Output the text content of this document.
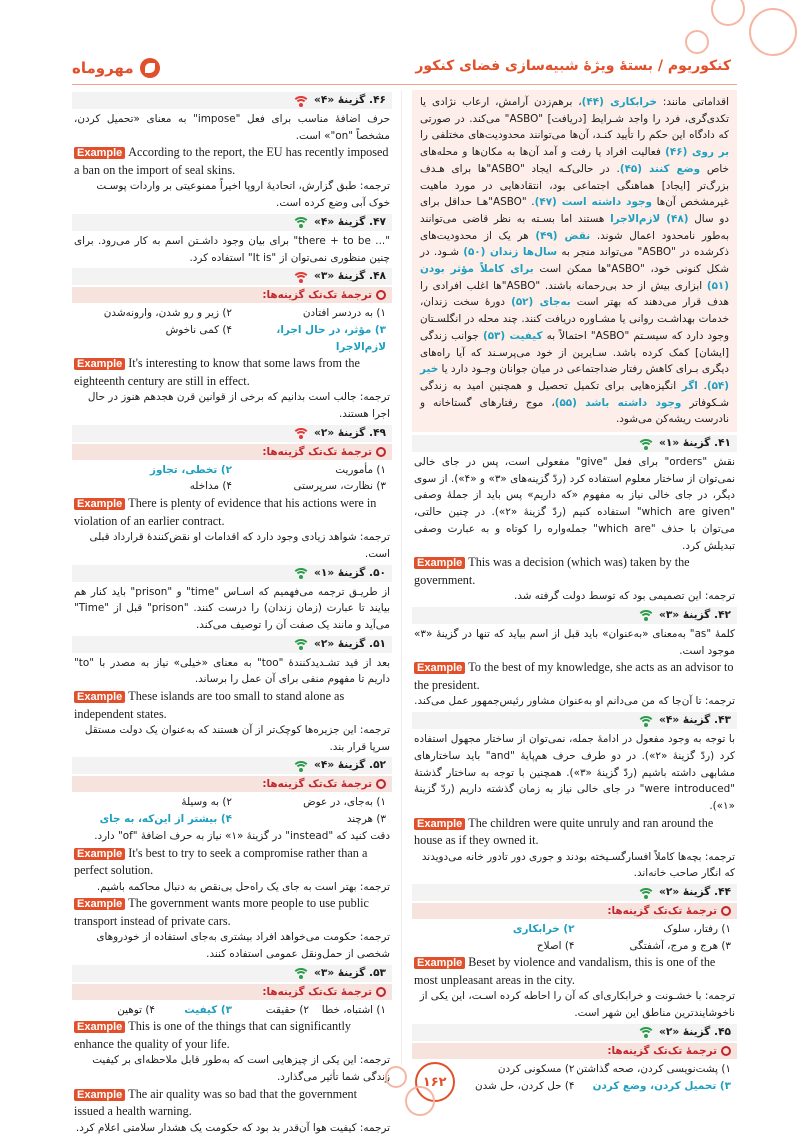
مهروماه	کنکوریوم / بستهٔ ویژهٔ شبیه‌سازی فضای کنکور
اقداماتی مانند: خرابکاری (۴۴)، برهم‌زدن آرامش، ارعاب نژادی یا تکدی‌گری، فرد را واجد شـرایط [دریافت] "ASBO" می‌کند. در صورتی که دادگاه این حکم را تأیید کنـد، آن‌ها می‌توانند محدودیت‌های مختلفی را بر روی (۴۶) فعالیت افراد یا رفت و آمد آن‌ها به مکان‌ها و محله‌های خاص وضع کنند (۴۵). در حالی‌کـه ایجاد "ASBO"ها برای هـدف بزرگ‌تر [ایجاد] هماهنگی اجتماعی بود، انتقادهایی در مورد ماهیت غیرمشخص آن‌ها وجود داشته است (۴۷). "ASBO"هـا حداقل برای دو سال (۴۸) لازم‌الاجرا هستند اما بسـته به نظر قاضی می‌توانند به‌طور نامحدود اعمال شوند. نقض (۴۹) هر یک از محدودیت‌های ذکرشده در "ASBO" می‌تواند منجر به سال‌ها زندان (۵۰) شـود. در شکل کنونی خود، "ASBO"ها ممکن است برای کاملاً مؤثر بودن (۵۱) ابزاری بیش از حد بی‌رحمانه باشند. "ASBO"ها اغلب افرادی را هدف قرار می‌دهند که بهتر است به‌جای (۵۲) دورهٔ سخت زندان، خدمات بهداشـت روانی یا مشـاوره دریافت کنند. چند محله در انگلسـتان وجود دارد که سیسـتم "ASBO" احتمالاً به کیفیت (۵۳) جوانب زندگی [ایشان] کمک کرده باشد. سـایرین از خود می‌پرسـند که آیا راه‌های دیگری بـرای کاهش رفتار ضداجتماعی در میان جوانان وجـود دارد یا خیر (۵۴). اگر انگیزه‌هایی برای تکمیل تحصیل و همچنین امید به زندگی شـکوفاتر وجود داشته باشد (۵۵)، موج رفتارهای گستاخانه و نادرست ریشه‌کن می‌شود.
۴۱. گزینهٔ «۱»
نقش "orders" برای فعل "give" مفعولی است، پس در جای خالی نمی‌توان از ساختار معلوم استفاده کرد (ردّ گزینه‌های «۳» و «۴»). از سوی دیگر، در جای خالی نیاز به مفهوم «که داریم» پس باید از جملهٔ وصفی "which are given" استفاده کنیم (ردّ گزینهٔ «۲»). در چنین حالتی، می‌توان با حذف "which are" جمله‌واره را کوتاه و به عبارت وصفی تبدیلش کرد.
Example This was a decision (which was) taken by the government.
ترجمه: این تصمیمی بود که توسط دولت گرفته شد.
۴۲. گزینهٔ «۳»
کلمهٔ "as" به‌معنای «به‌عنوان» باید قبل از اسم بیاید که تنها در گزینهٔ «۳» موجود است.
Example To the best of my knowledge, she acts as an advisor to the president.
ترجمه: تا آن‌جا که من می‌دانم او به‌عنوان مشاور رئیس‌جمهور عمل می‌کند.
۴۳. گزینهٔ «۴»
با توجه به وجود مفعول در ادامهٔ جمله، نمی‌توان از ساختار مجهول استفاده کرد (ردّ گزینهٔ «۲»). در دو طرف حرف هم‌پایهٔ "and" باید ساختارهای مشابهی داشته باشیم (ردّ گزینهٔ «۳»). همچنین با توجه به ساختار گذشتهٔ "were introduced" در جای خالی نیاز به زمان گذشته داریم (ردّ گزینهٔ «۱»).
Example The children were quite unruly and ran around the house as if they owned it.
ترجمه: بچه‌ها کاملاً افسارگسـیخته بودند و جوری دور تادور خانه می‌دویدند که انگار صاحب خانه‌اند.
۴۴. گزینهٔ «۲»
ترجمهٔ تک‌تک گزینه‌ها:
۱) رفتار، سلوک
۲) خرابکاری
۳) هرج و مرج، آشفتگی
۴) اصلاح
Example Beset by violence and vandalism, this is one of the most unpleasant areas in the city.
ترجمه: با خشـونت و خرابکاری‌ای که آن را احاطه کرده اسـت، این یکی از ناخوشایندترین مناطق این شهر است.
۴۵. گزینهٔ «۲»
ترجمهٔ تک‌تک گزینه‌ها:
۱) پشت‌نویسی کردن، صحه گذاشتن
۲) مسکونی کردن
۳) تحمیل کردن، وضع کردن
۴) حل کردن، حل شدن
۴۶. گزینهٔ «۴»
حرف اضافهٔ مناسب برای فعل "impose" به معنای «تحمیل کردن، مشخصاً "on"» است.
Example According to the report, the EU has recently imposed a ban on the import of seal skins.
ترجمه: طبق گزارش، اتحادیهٔ اروپا اخیراً ممنوعیتی بر واردات پوسـت خوک آبی وضع کرده است.
۴۷. گزینهٔ «۴»
"... there + to be" برای بیان وجود داشـتن اسم به کار می‌رود. برای چنین منظوری نمی‌توان از "It is" استفاده کرد.
۴۸. گزینهٔ «۳»
ترجمهٔ تک‌تک گزینه‌ها:
۱) به دردسر افتادن
۲) زیر و رو شدن، وارونه‌شدن
۳) مؤثر، در حال اجرا، لازم‌الاجرا
۴) کمی ناخوش
Example It's interesting to know that some laws from the eighteenth century are still in effect.
ترجمه: جالب است بدانیم که برخی از قوانین قرن هجدهم هنوز در حال اجرا هستند.
۴۹. گزینهٔ «۲»
ترجمهٔ تک‌تک گزینه‌ها:
۱) مأموریت
۲) تخطی، تجاوز
۳) نظارت، سرپرستی
۴) مداخله
Example There is plenty of evidence that his actions were in violation of an earlier contract.
ترجمه: شواهد زیادی وجود دارد که اقدامات او نقض‌کنندهٔ قرارداد قبلی است.
۵۰. گزینهٔ «۱»
از طریـق ترجمه می‌فهمیم که اسـاس "time" و "prison" باید کنار هم بیایند تا عبارت (زمان زندان) را درست کنند. "prison" قبل از "Time" می‌آید و مانند یک صفت آن را توصیف می‌کند.
۵۱. گزینهٔ «۲»
بعد از قید تشـدیدکنندهٔ "too" به معنای «خیلی» نیاز به مصدر با "to" داریم تا مفهوم منفی برای آن عمل را برساند.
Example These islands are too small to stand alone as independent states.
ترجمه: این جزیره‌ها کوچک‌تر از آن هستند که به‌عنوان یک دولت مستقل سرپا قرار بند.
۵۲. گزینهٔ «۴»
ترجمهٔ تک‌تک گزینه‌ها:
۱) به‌جای، در عوض
۲) به وسیلهٔ
۳) هرچند
۴) بیشتر از این‌که، به جای
دقت کنید که "instead" در گزینهٔ «۱» نیاز به حرف اضافهٔ "of" دارد.
Example It's best to try to seek a compromise rather than a perfect solution.
ترجمه: بهتر است به جای یک راه‌حل بی‌نقص به دنبال محاکمه باشیم.
Example The government wants more people to use public transport instead of private cars.
ترجمه: حکومت می‌خواهد افراد بیشتری به‌جای استفاده از خودروهای شخصی از حمل‌ونقل عمومی استفاده کنند.
۵۳. گزینهٔ «۳»
ترجمهٔ تک‌تک گزینه‌ها:
۱) اشتباه، خطا
۲) حقیقت
۳) کیفیت
۴) توهین
Example This is one of the things that can significantly enhance the quality of your life.
ترجمه: این یکی از چیزهایی است که به‌طور قابل ملاحظه‌ای بر کیفیت زندگی شما تأثیر می‌گذارد.
Example The air quality was so bad that the government issued a health warning.
ترجمه: کیفیت هوا آن‌قدر بد بود که حکومت یک هشدار سلامتی اعلام کرد.
۱۶۲
